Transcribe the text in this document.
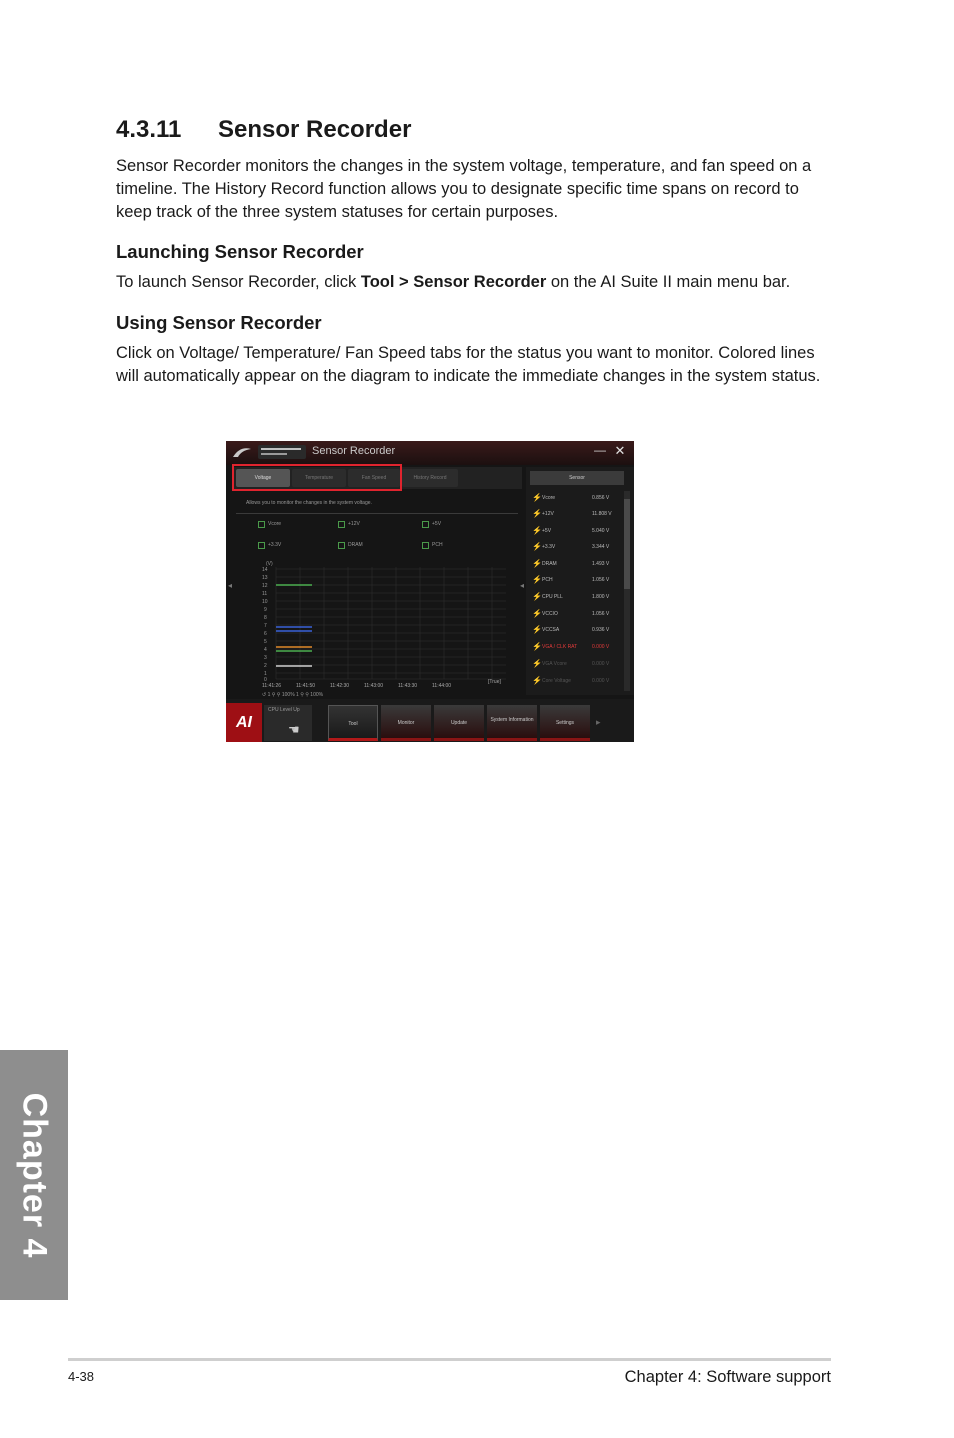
4.3.11 Sensor Recorder

Sensor Recorder monitors the changes in the system voltage, temperature, and fan speed on a timeline. The History Record function allows you to designate specific time spans on record to keep track of the three system statuses for certain purposes.

Launching Sensor Recorder

To launch Sensor Recorder, click Tool > Sensor Recorder on the AI Suite II main menu bar.

Using Sensor Recorder

Click on Voltage/ Temperature/ Fan Speed tabs for the status you want to monitor. Colored lines will automatically appear on the diagram to indicate the immediate changes in the system status.

Sensor Recorder	— ✕
Voltage	Temperature	Fan Speed	History Record
Allows you to monitor the changes in the system voltage.
Vcore	+12V	+5V
+3.3V	DRAM	PCH
(V)
14
13
12
11
10
9
8
7
6
5
4
3
2
1
0
11:41:26	11:41:50	11:42:30	11:43:00	11:43:30	11:44:00
[True]
↺ 1 ⚲ ⚲ 100% 1 ⚲ ⚲ 100%
◂	◂
Sensor
⚡ Vcore	0.856 V
⚡ +12V	11.808 V
⚡ +5V	5.040 V
⚡ +3.3V	3.344 V
⚡ DRAM	1.493 V
⚡ PCH	1.056 V
⚡ CPU PLL	1.800 V
⚡ VCCIO	1.056 V
⚡ VCCSA	0.936 V
⚡ VGA / CLK RAT	0.000 V
⚡ VGA Vcore	0.000 V
⚡ Core Voltage	0.000 V
AI
CPU Level Up
☚	Tool	Monitor	Update	System Information	Settings	▸
Chapter 4
4-38	Chapter 4: Software support
